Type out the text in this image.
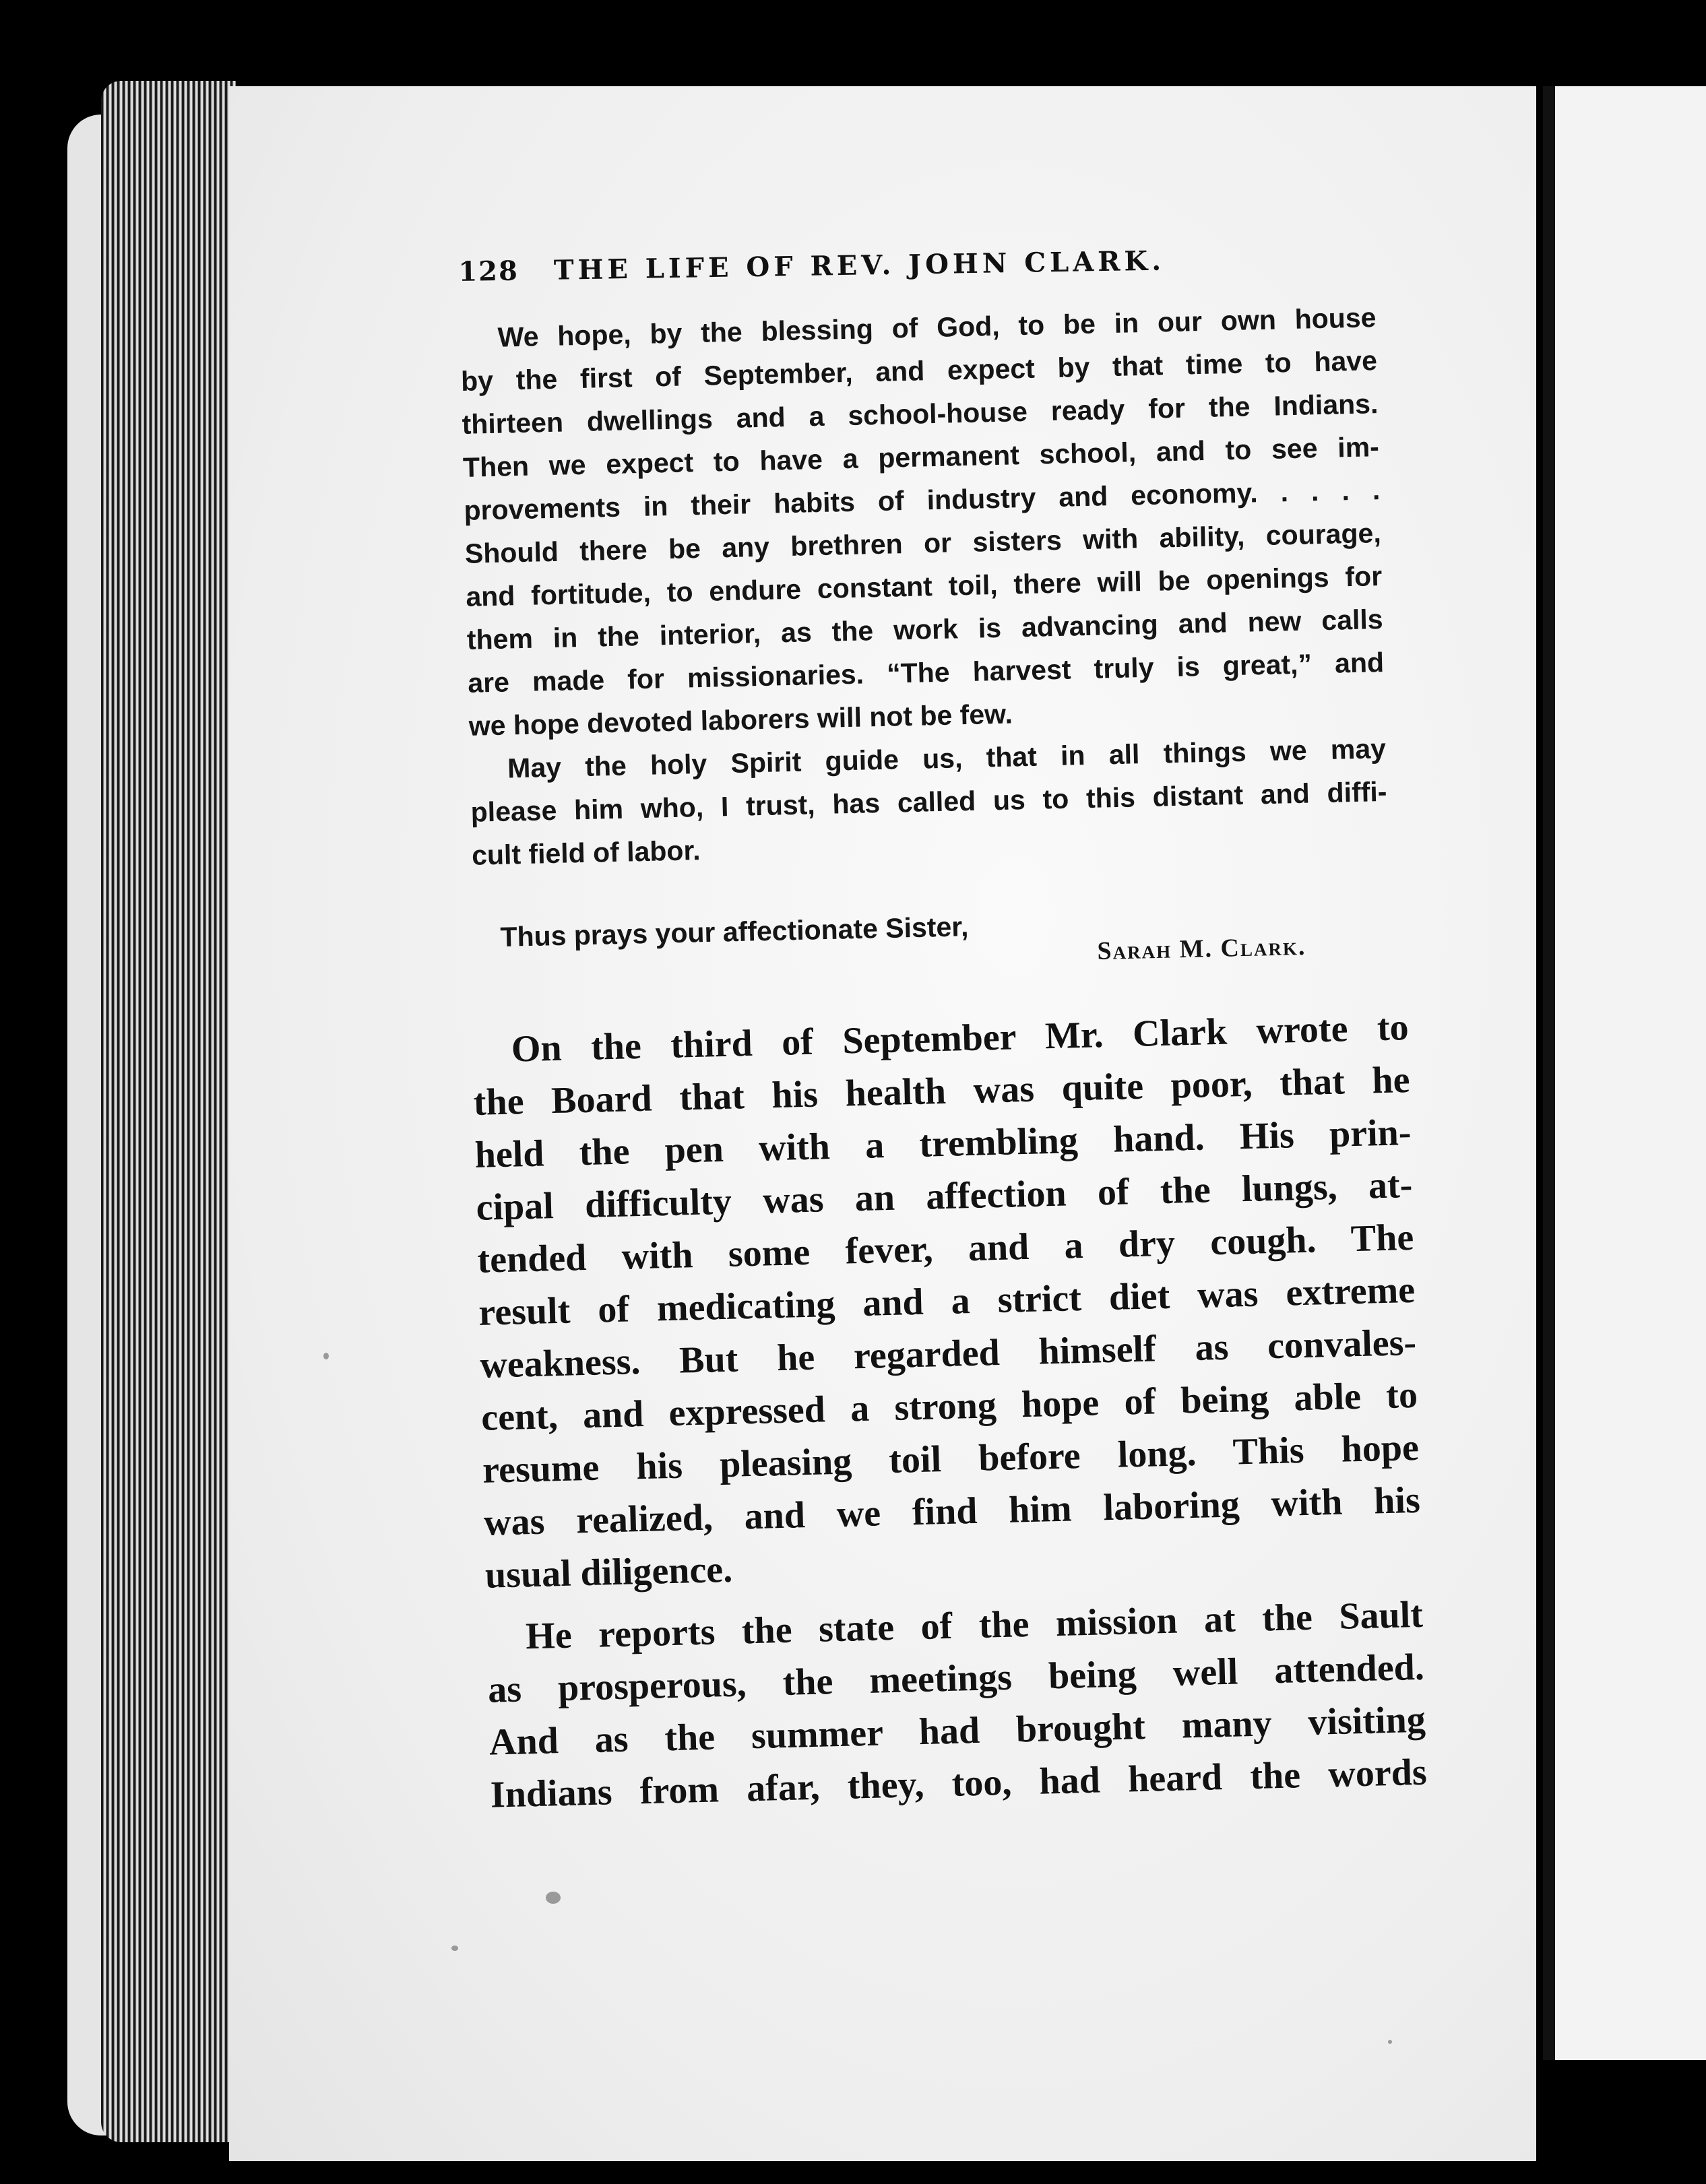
128 THE LIFE OF REV. JOHN CLARK.

We hope, by the blessing of God, to be in our own house

by the first of September, and expect by that time to have

thirteen dwellings and a school-house ready for the Indians.

Then we expect to have a permanent school, and to see im-

provements in their habits of industry and economy. . . . .

Should there be any brethren or sisters with ability, courage,

and fortitude, to endure constant toil, there will be openings for

them in the interior, as the work is advancing and new calls

are made for missionaries. “The harvest truly is great,” and

we hope devoted laborers will not be few.

May the holy Spirit guide us, that in all things we may

please him who, I trust, has called us to this distant and diffi-

cult field of labor.

Thus prays your affectionate Sister,	Sarah M. Clark.

On the third of September Mr. Clark wrote to

the Board that his health was quite poor, that he

held the pen with a trembling hand. His prin-

cipal difficulty was an affection of the lungs, at-

tended with some fever, and a dry cough. The

result of medicating and a strict diet was extreme

weakness. But he regarded himself as convales-

cent, and expressed a strong hope of being able to

resume his pleasing toil before long. This hope

was realized, and we find him laboring with his

usual diligence.

He reports the state of the mission at the Sault

as prosperous, the meetings being well attended.

And as the summer had brought many visiting

Indians from afar, they, too, had heard the words
